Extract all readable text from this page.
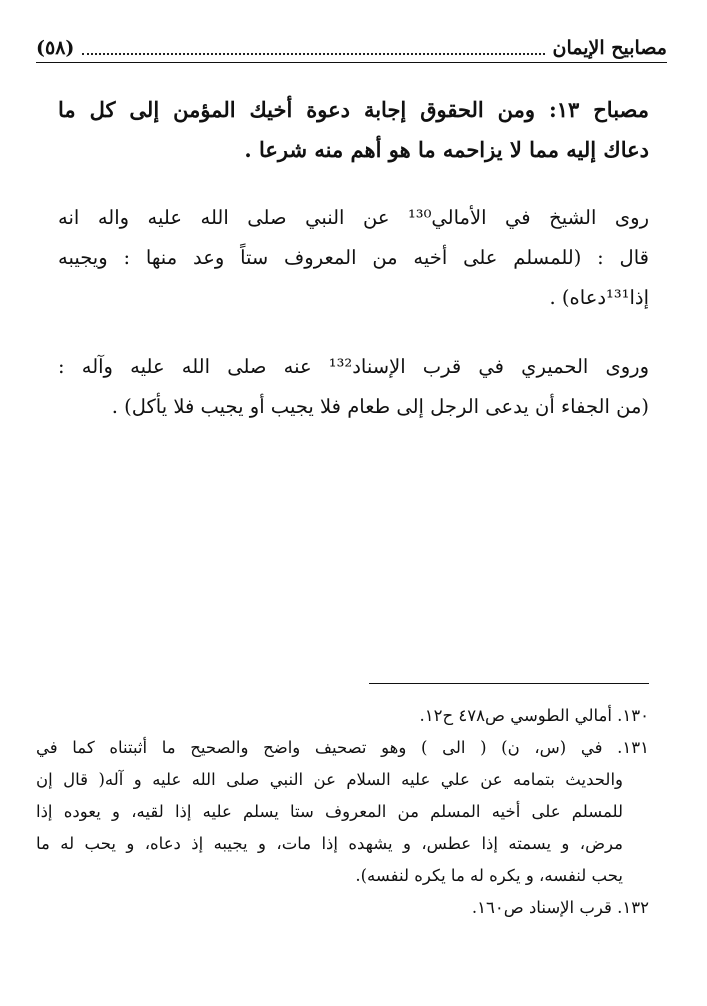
مصابيح الإيمان
(٥٨)
مصباح ١٣: ومن الحقوق إجابة دعوة أخيك المؤمن إلى كل ما
دعاك إليه مما لا يزاحمه ما هو أهم منه شرعا .
روى الشيخ في الأمالي¹³⁰ عن النبي صلى الله عليه واله انه
قال : (للمسلم على أخيه من المعروف ستاً وعد منها : ويجيبه
إذا¹³¹دعاه) .
وروى الحميري في قرب الإسناد¹³² عنه صلى الله عليه وآله :
(من الجفاء أن يدعى الرجل إلى طعام فلا يجيب أو يجيب فلا يأكل) .
١٣٠. أمالي الطوسي ص٤٧٨ ح١٢.
١٣١. في (س، ن) ( الى ) وهو تصحيف واضح والصحيح ما أثبتناه كما في
والحديث بتمامه عن علي عليه السلام عن النبي صلى الله عليه و آله( قال إن
للمسلم على أخيه المسلم من المعروف ستا يسلم عليه إذا لقيه، و يعوده إذا
مرض، و يسمته إذا عطس، و يشهده إذا مات، و يجيبه إذ دعاه، و يحب له ما
يحب لنفسه، و يكره له ما يكره لنفسه).
١٣٢. قرب الإسناد ص١٦٠.
